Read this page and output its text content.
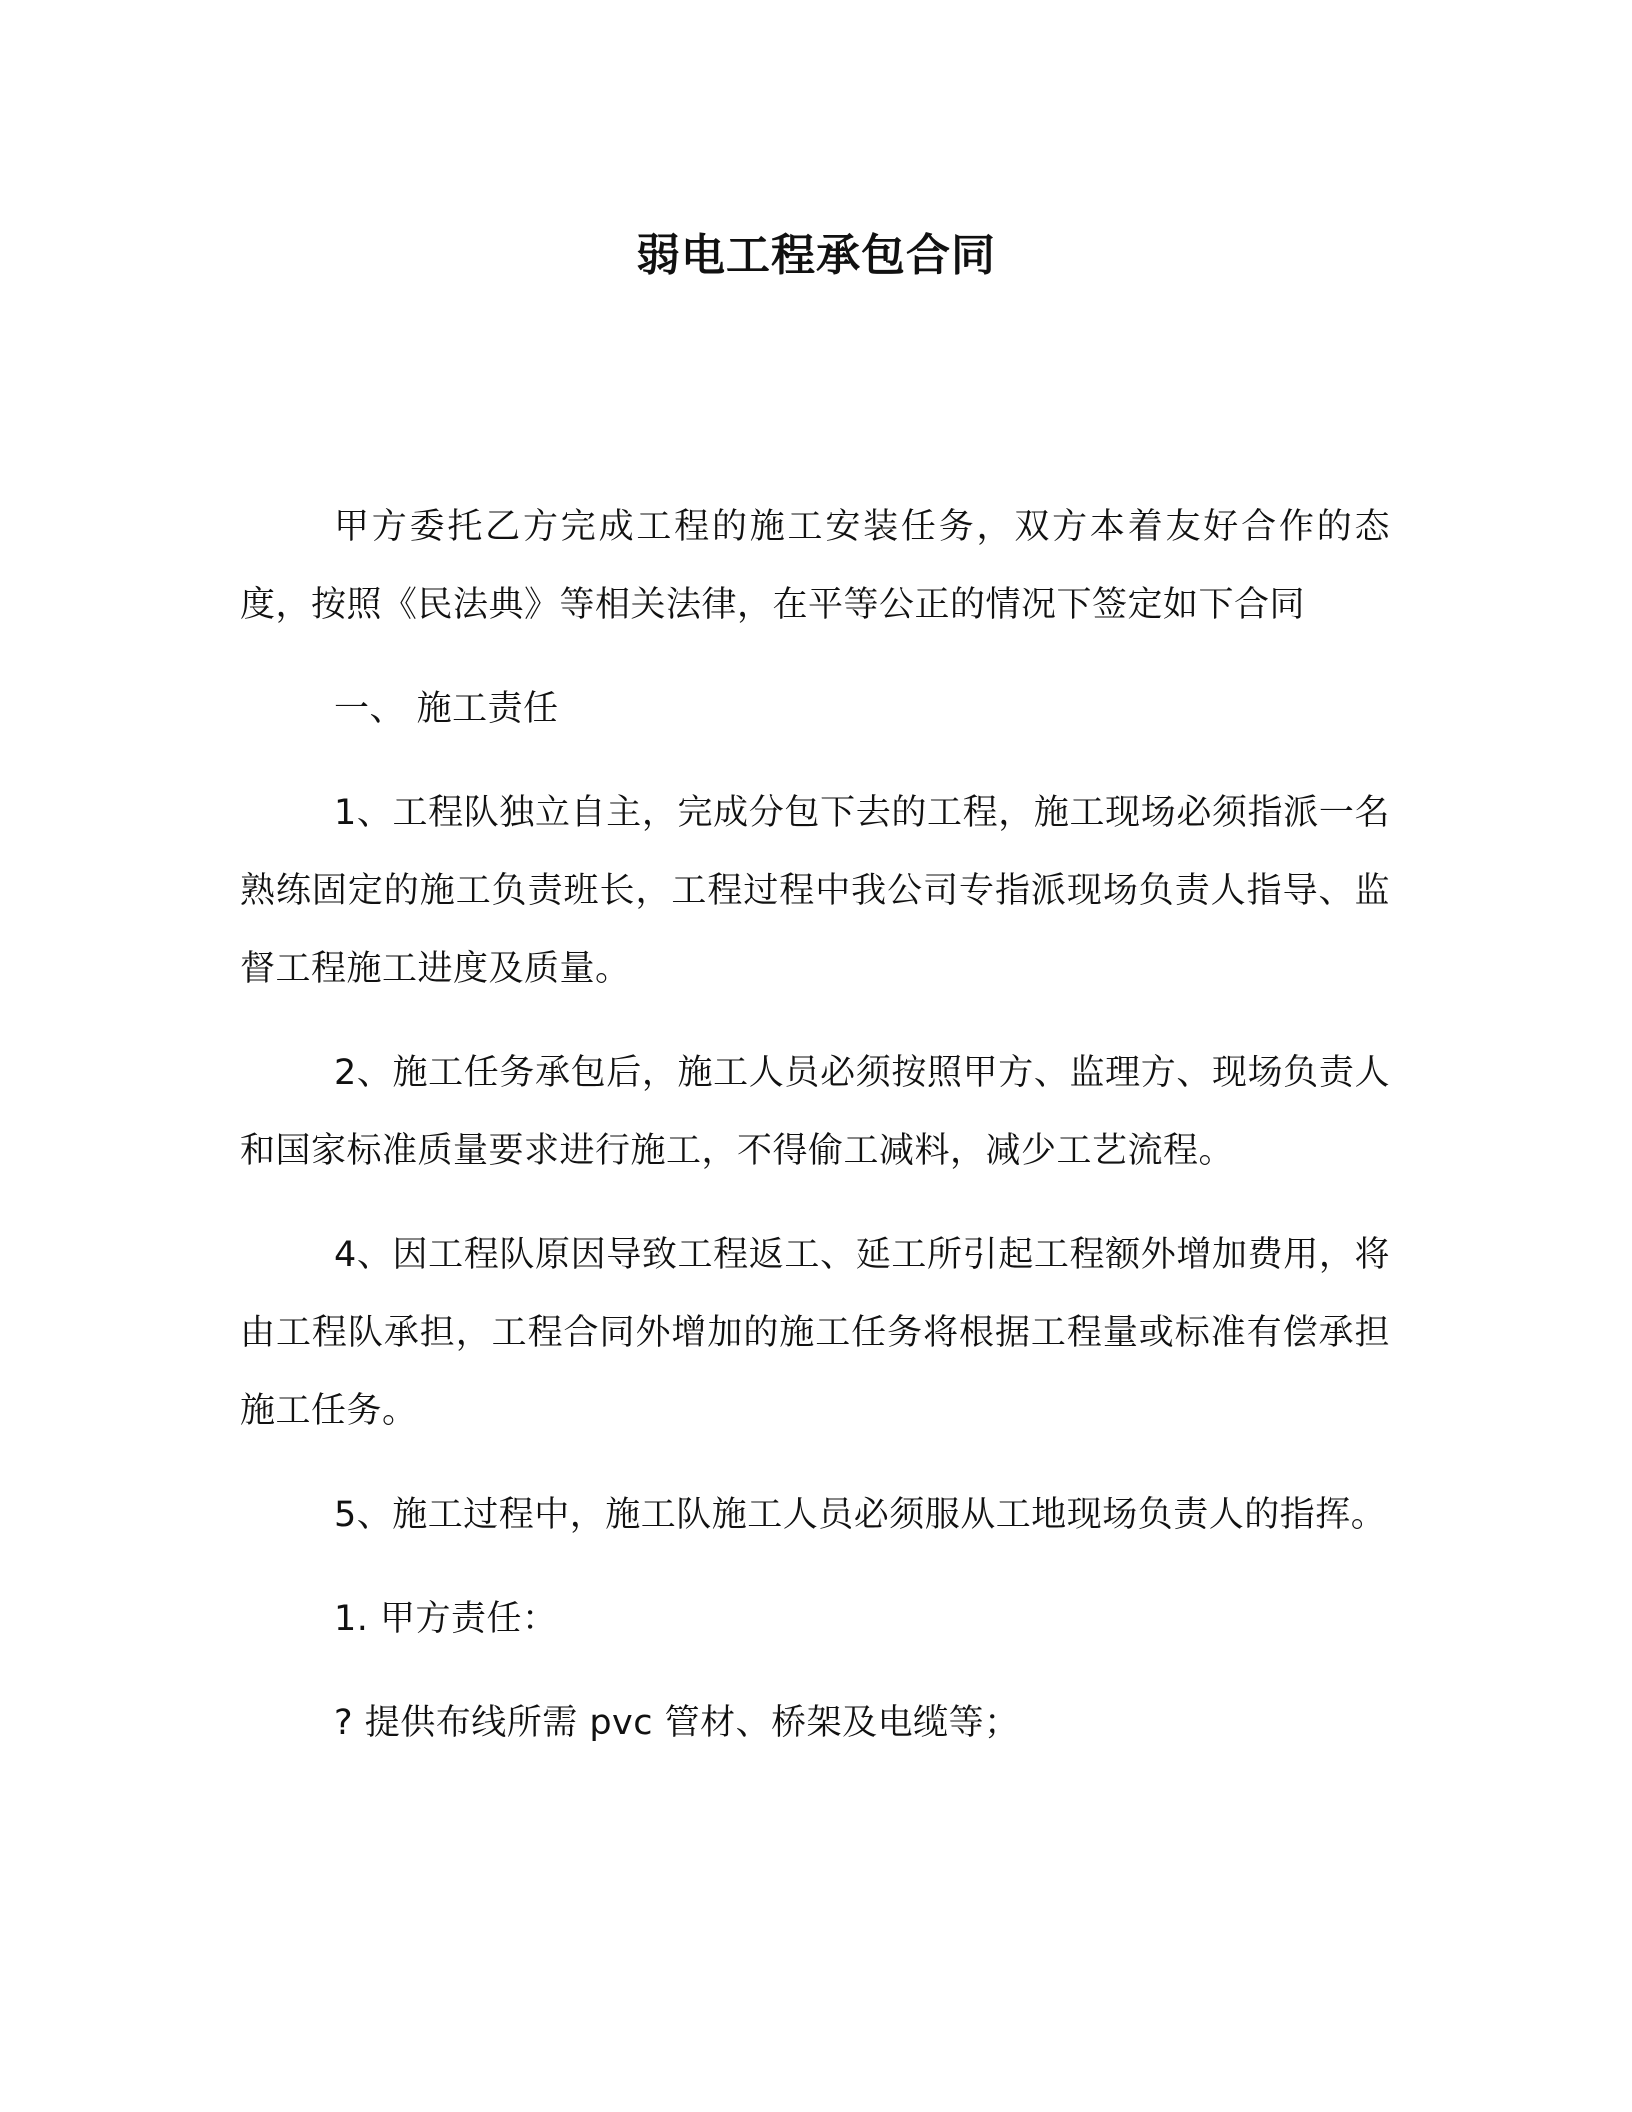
弱电工程承包合同

甲方委托乙方完成工程的施工安装任务，双方本着友好合作的态度，按照《民法典》等相关法律，在平等公正的情况下签定如下合同

一、 施工责任

1、工程队独立自主，完成分包下去的工程，施工现场必须指派一名熟练固定的施工负责班长，工程过程中我公司专指派现场负责人指导、监督工程施工进度及质量。

2、施工任务承包后，施工人员必须按照甲方、监理方、现场负责人和国家标准质量要求进行施工，不得偷工减料，减少工艺流程。

4、因工程队原因导致工程返工、延工所引起工程额外增加费用，将由工程队承担，工程合同外增加的施工任务将根据工程量或标准有偿承担施工任务。

5、施工过程中，施工队施工人员必须服从工地现场负责人的指挥。

1. 甲方责任：

? 提供布线所需 pvc 管材、桥架及电缆等；
